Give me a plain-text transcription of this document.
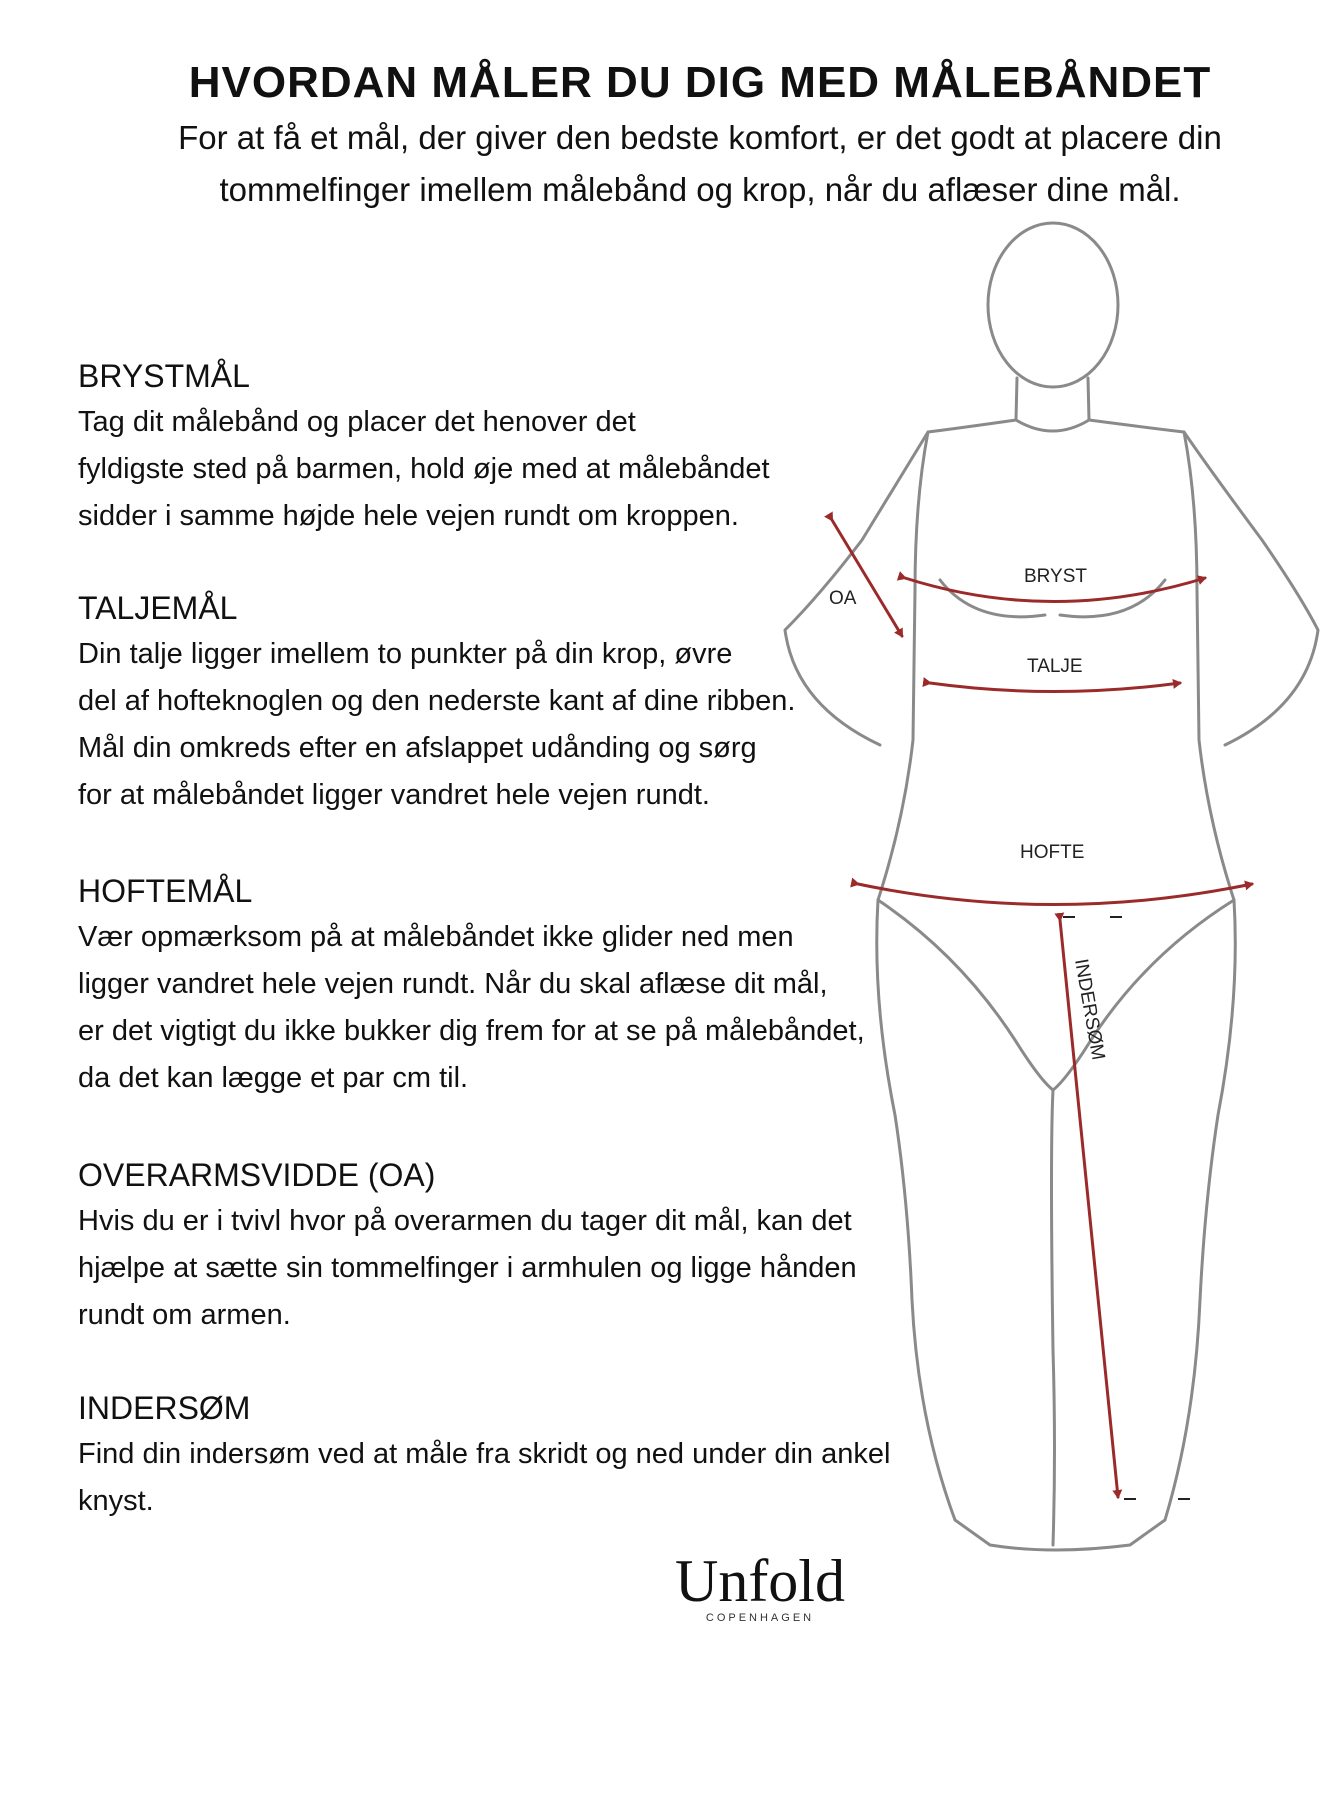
HVORDAN MÅLER DU DIG MED MÅLEBÅNDET
For at få et mål, der giver den bedste komfort, er det godt at placere din
tommelfinger imellem målebånd og krop, når du aflæser dine mål.
BRYSTMÅL

Tag dit målebånd og placer det henover det
fyldigste sted på barmen, hold øje med at målebåndet
sidder i samme højde hele vejen rundt om kroppen.

TALJEMÅL

Din talje ligger imellem to punkter på din krop, øvre
del af hofteknoglen og den nederste kant af dine ribben.
Mål din omkreds efter en afslappet udånding og sørg
for at målebåndet ligger vandret hele vejen rundt.

HOFTEMÅL

Vær opmærksom på at målebåndet ikke glider ned men
ligger vandret hele vejen rundt. Når du skal aflæse dit mål,
er det vigtigt du ikke bukker dig frem for at se på målebåndet,
da det kan lægge et par cm til.

OVERARMSVIDDE (OA)

Hvis du er i tvivl hvor på overarmen du tager dit mål, kan det
hjælpe at sætte sin tommelfinger i armhulen og ligge hånden
rundt om armen.

INDERSØM

Find din indersøm ved at måle fra skridt og ned under din ankel
knyst.

OA
BRYST
TALJE
HOFTE
INDERSØM
Unfold
COPENHAGEN
